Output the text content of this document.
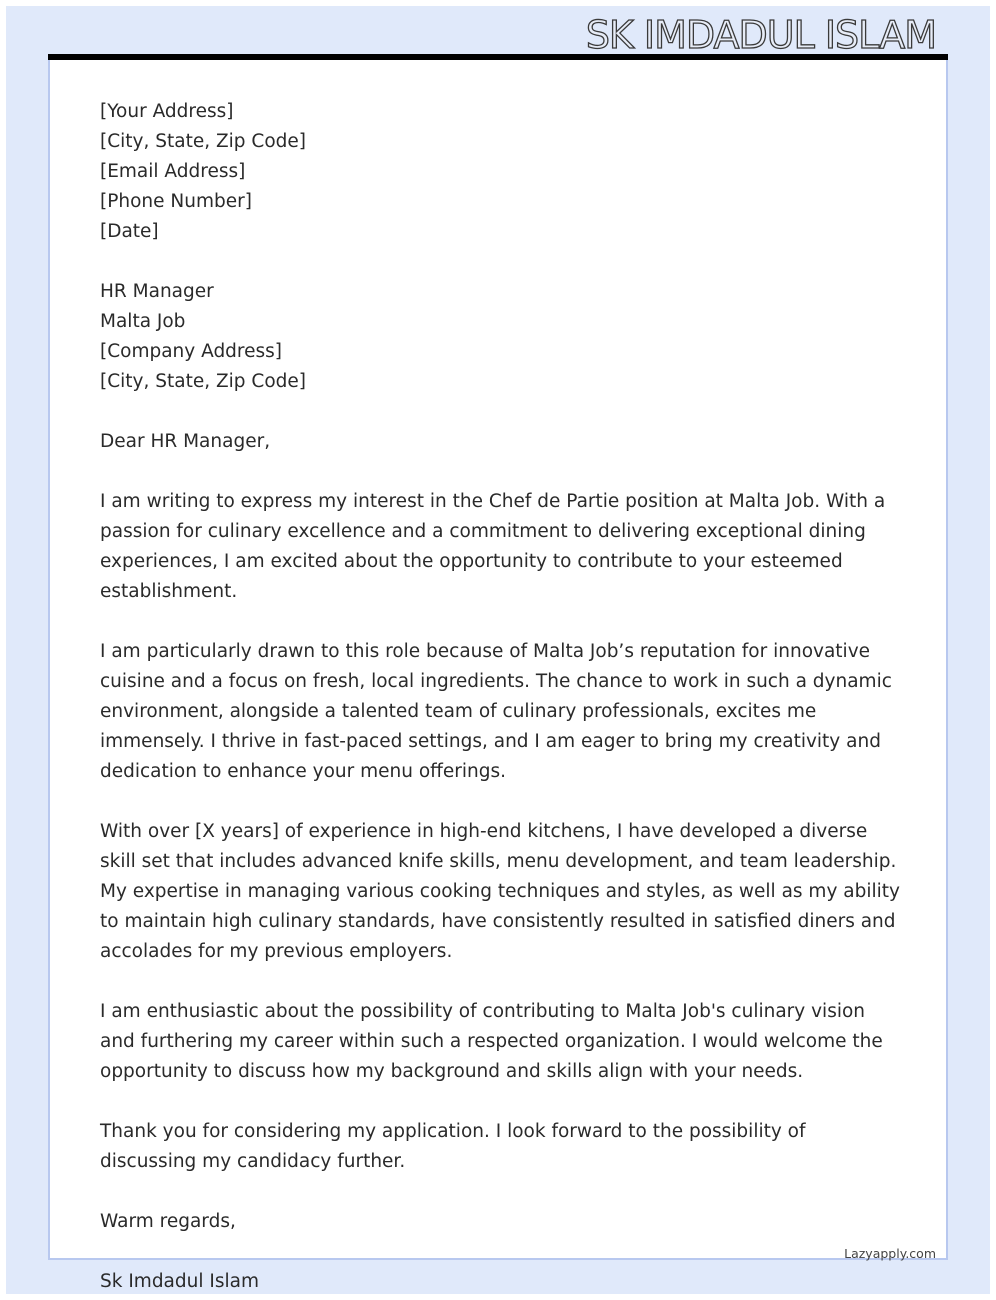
SK IMDADUL ISLAM
[Your Address]
[City, State, Zip Code]
[Email Address]
[Phone Number]
[Date]
HR Manager
Malta Job
[Company Address]
[City, State, Zip Code]

Dear HR Manager,

I am writing to express my interest in the Chef de Partie position at Malta Job. With a passion for culinary excellence and a commitment to delivering exceptional dining experiences, I am excited about the opportunity to contribute to your esteemed establishment.

I am particularly drawn to this role because of Malta Job’s reputation for innovative cuisine and a focus on fresh, local ingredients. The chance to work in such a dynamic environment, alongside a talented team of culinary professionals, excites me immensely. I thrive in fast-paced settings, and I am eager to bring my creativity and dedication to enhance your menu offerings.

With over [X years] of experience in high-end kitchens, I have developed a diverse skill set that includes advanced knife skills, menu development, and team leadership. My expertise in managing various cooking techniques and styles, as well as my ability to maintain high culinary standards, have consistently resulted in satisfied diners and accolades for my previous employers.

I am enthusiastic about the possibility of contributing to Malta Job's culinary vision and furthering my career within such a respected organization. I would welcome the opportunity to discuss how my background and skills align with your needs.

Thank you for considering my application. I look forward to the possibility of discussing my candidacy further.

Warm regards,

Lazyapply.com
Sk Imdadul Islam
